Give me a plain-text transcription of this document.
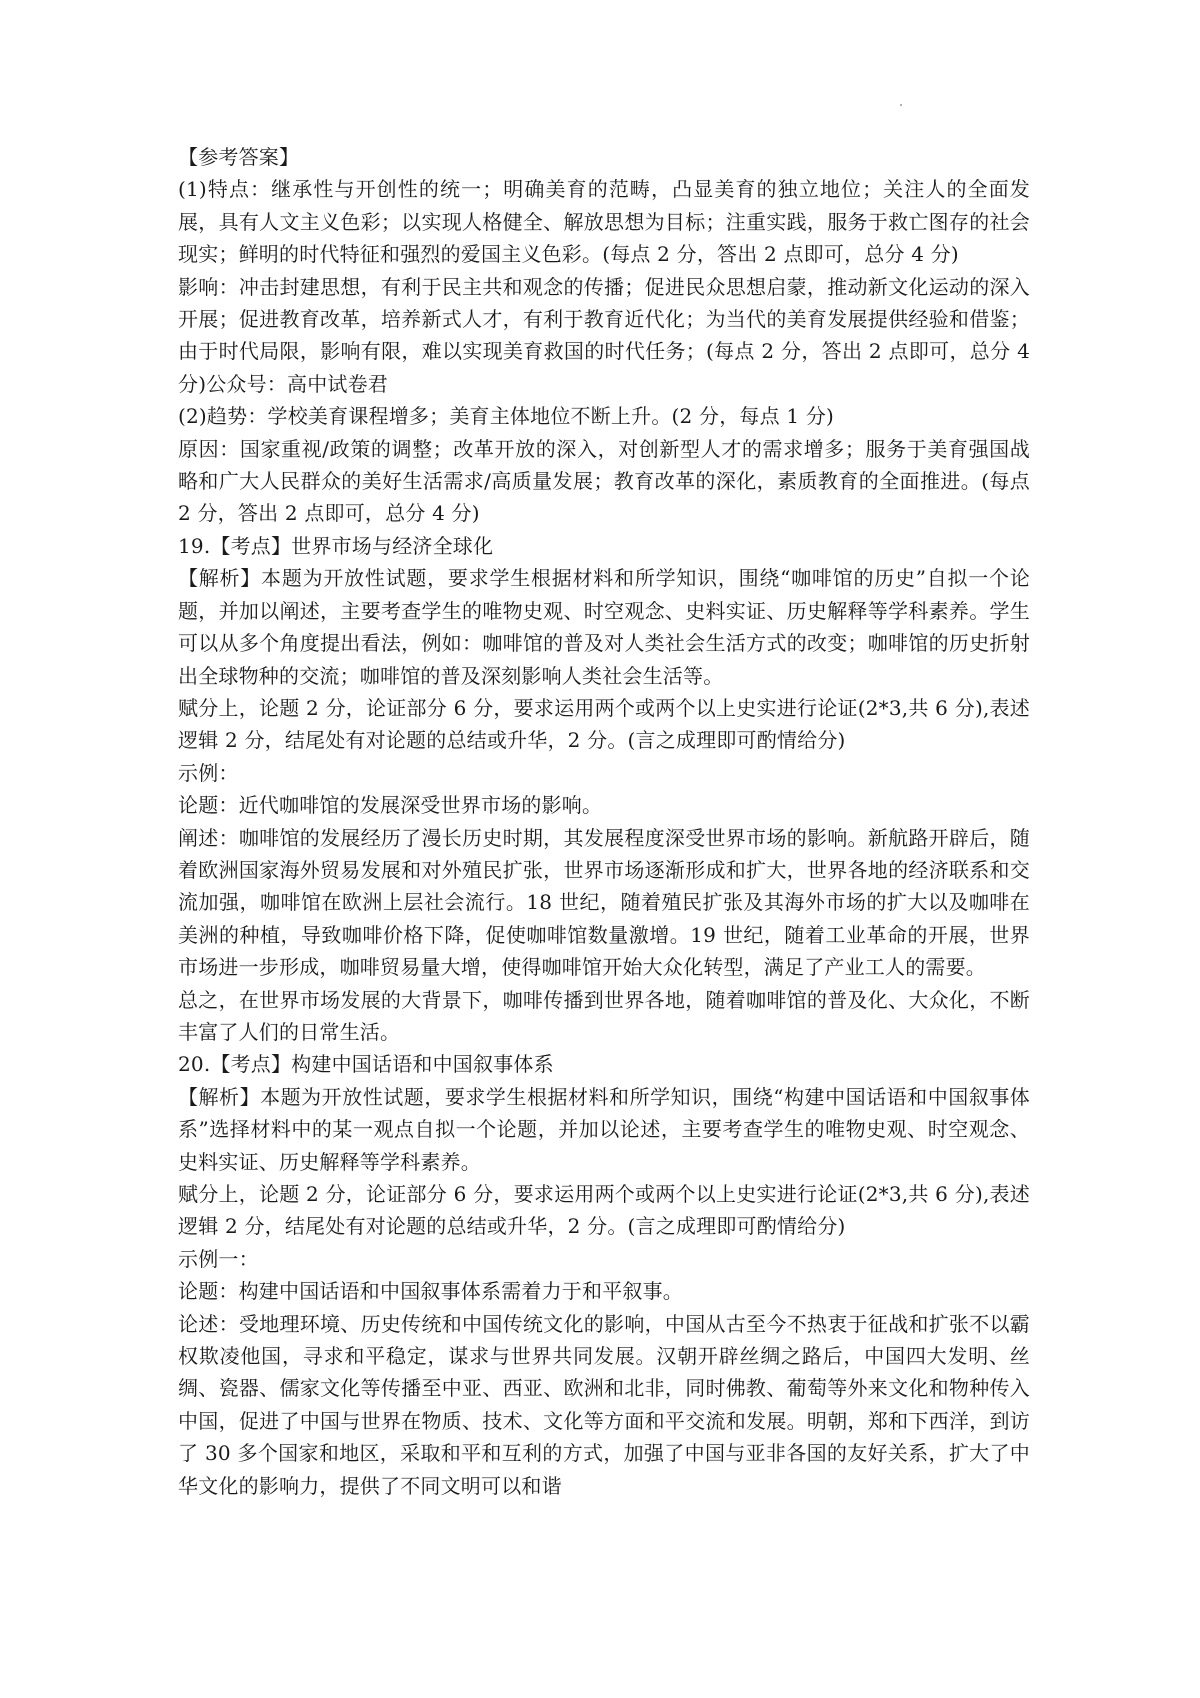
【参考答案】

(1)特点：继承性与开创性的统一；明确美育的范畴，凸显美育的独立地位；关注人的全面发展，具有人文主义色彩；以实现人格健全、解放思想为目标；注重实践，服务于救亡图存的社会现实；鲜明的时代特征和强烈的爱国主义色彩。(每点 2 分，答出 2 点即可，总分 4 分)

影响：冲击封建思想，有利于民主共和观念的传播；促进民众思想启蒙，推动新文化运动的深入开展；促进教育改革，培养新式人才，有利于教育近代化；为当代的美育发展提供经验和借鉴；由于时代局限，影响有限，难以实现美育救国的时代任务；(每点 2 分，答出 2 点即可，总分 4 分)公众号：高中试卷君

(2)趋势：学校美育课程增多；美育主体地位不断上升。(2 分，每点 1 分)

原因：国家重视/政策的调整；改革开放的深入，对创新型人才的需求增多；服务于美育强国战略和广大人民群众的美好生活需求/高质量发展；教育改革的深化，素质教育的全面推进。(每点 2 分，答出 2 点即可，总分 4 分)

19.【考点】世界市场与经济全球化

【解析】本题为开放性试题，要求学生根据材料和所学知识，围绕“咖啡馆的历史”自拟一个论题，并加以阐述，主要考查学生的唯物史观、时空观念、史料实证、历史解释等学科素养。学生可以从多个角度提出看法，例如：咖啡馆的普及对人类社会生活方式的改变；咖啡馆的历史折射出全球物种的交流；咖啡馆的普及深刻影响人类社会生活等。

赋分上，论题 2 分，论证部分 6 分，要求运用两个或两个以上史实进行论证(2*3,共 6 分),表述逻辑 2 分，结尾处有对论题的总结或升华，2 分。(言之成理即可酌情给分)

示例：

论题：近代咖啡馆的发展深受世界市场的影响。

阐述：咖啡馆的发展经历了漫长历史时期，其发展程度深受世界市场的影响。新航路开辟后，随着欧洲国家海外贸易发展和对外殖民扩张，世界市场逐渐形成和扩大，世界各地的经济联系和交流加强，咖啡馆在欧洲上层社会流行。18 世纪，随着殖民扩张及其海外市场的扩大以及咖啡在美洲的种植，导致咖啡价格下降，促使咖啡馆数量激增。19 世纪，随着工业革命的开展，世界市场进一步形成，咖啡贸易量大增，使得咖啡馆开始大众化转型，满足了产业工人的需要。

总之，在世界市场发展的大背景下，咖啡传播到世界各地，随着咖啡馆的普及化、大众化，不断丰富了人们的日常生活。

20.【考点】构建中国话语和中国叙事体系

【解析】本题为开放性试题，要求学生根据材料和所学知识，围绕“构建中国话语和中国叙事体系”选择材料中的某一观点自拟一个论题，并加以论述，主要考查学生的唯物史观、时空观念、史料实证、历史解释等学科素养。

赋分上，论题 2 分，论证部分 6 分，要求运用两个或两个以上史实进行论证(2*3,共 6 分),表述逻辑 2 分，结尾处有对论题的总结或升华，2 分。(言之成理即可酌情给分)

示例一：

论题：构建中国话语和中国叙事体系需着力于和平叙事。

论述：受地理环境、历史传统和中国传统文化的影响，中国从古至今不热衷于征战和扩张不以霸权欺凌他国，寻求和平稳定，谋求与世界共同发展。汉朝开辟丝绸之路后，中国四大发明、丝绸、瓷器、儒家文化等传播至中亚、西亚、欧洲和北非，同时佛教、葡萄等外来文化和物种传入中国，促进了中国与世界在物质、技术、文化等方面和平交流和发展。明朝，郑和下西洋，到访了 30 多个国家和地区，采取和平和互利的方式，加强了中国与亚非各国的友好关系，扩大了中华文化的影响力，提供了不同文明可以和谐
